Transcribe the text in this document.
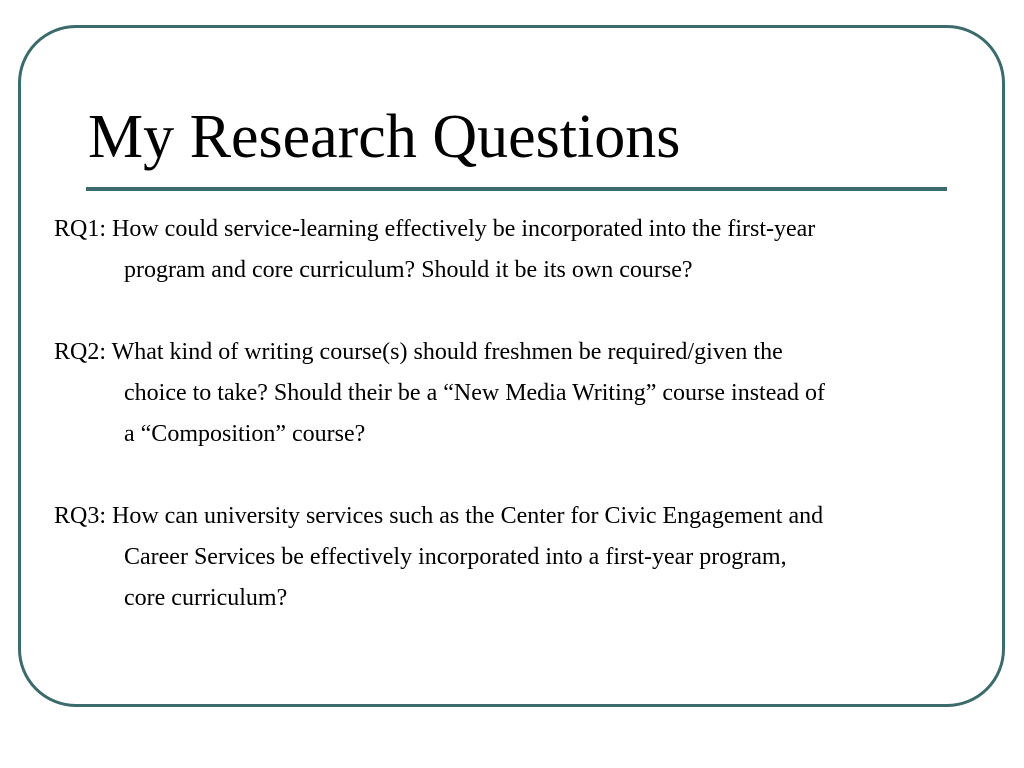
My Research Questions
RQ1: How could service-learning effectively be incorporated into the first-year
program and core curriculum? Should it be its own course?
RQ2: What kind of writing course(s) should freshmen be required/given the
choice to take? Should their be a “New Media Writing” course instead of
a “Composition” course?
RQ3: How can university services such as the Center for Civic Engagement and
Career Services be effectively incorporated into a first-year program,
core curriculum?
